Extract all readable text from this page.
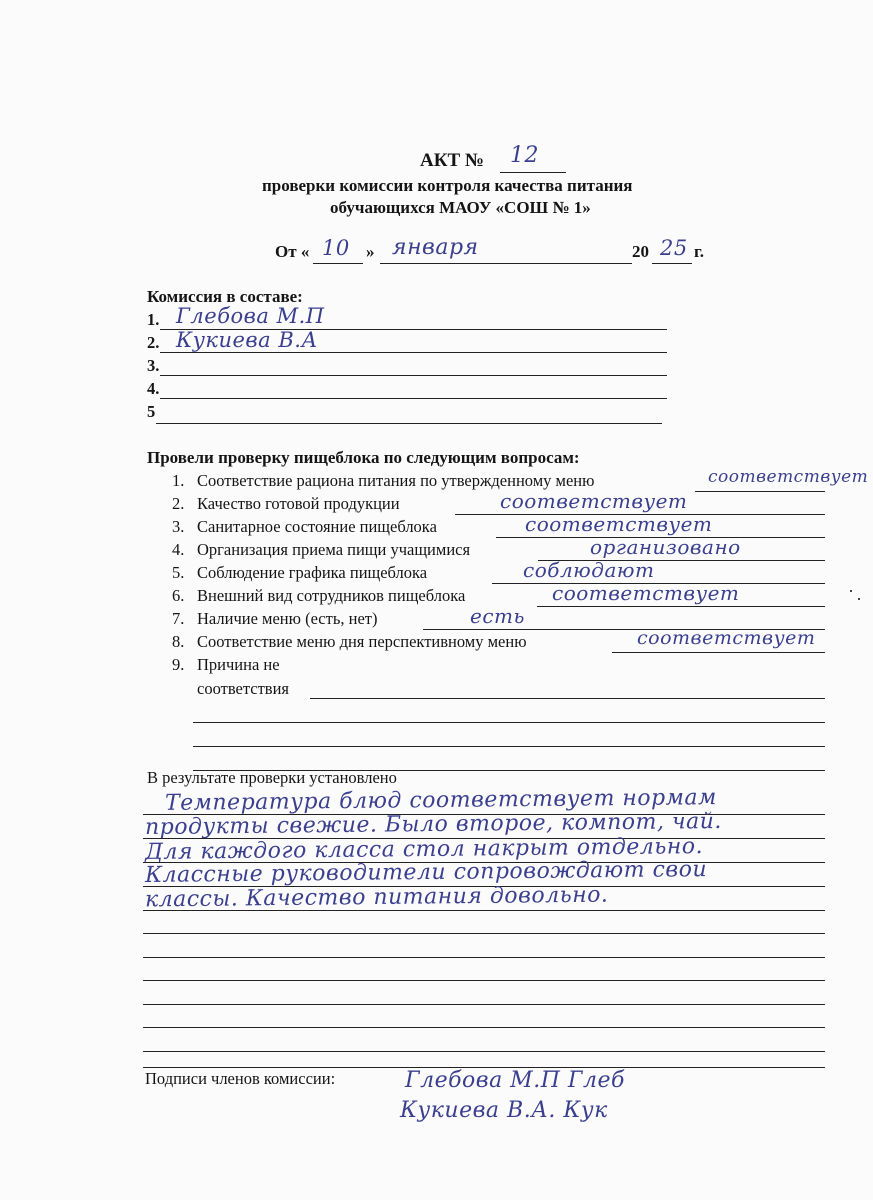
АКТ № 12
проверки комиссии контроля качества питания
обучающихся МАОУ «СОШ № 1»
От « 10 » января	20 25 г.
Комиссия в составе:
1. Глебова М.П
2. Кукиева В.А
3.
4.
5
Провели проверку пищеблока по следующим вопросам:
1. Соответствие рациона питания по утвержденному меню	соответствует
2. Качество готовой продукции	соответствует
3. Санитарное состояние пищеблока	соответствует
4. Организация приема пищи учащимися	организовано
5. Соблюдение графика пищеблока	соблюдают
6. Внешний вид сотрудников пищеблока	соответствует
7. Наличие меню (есть, нет)	есть
8. Соответствие меню дня перспективному меню	соответствует
9. Причина не
соответствия
В результате проверки установлено
Температура блюд соответствует нормам
продукты свежие. Было второе, компот, чай.
Для каждого класса стол накрыт отдельно.
Классные руководители сопровождают свои
классы. Качество питания довольно.
Подписи членов комиссии:	Глебова М.П Глеб
Кукиева В.А. Кук
